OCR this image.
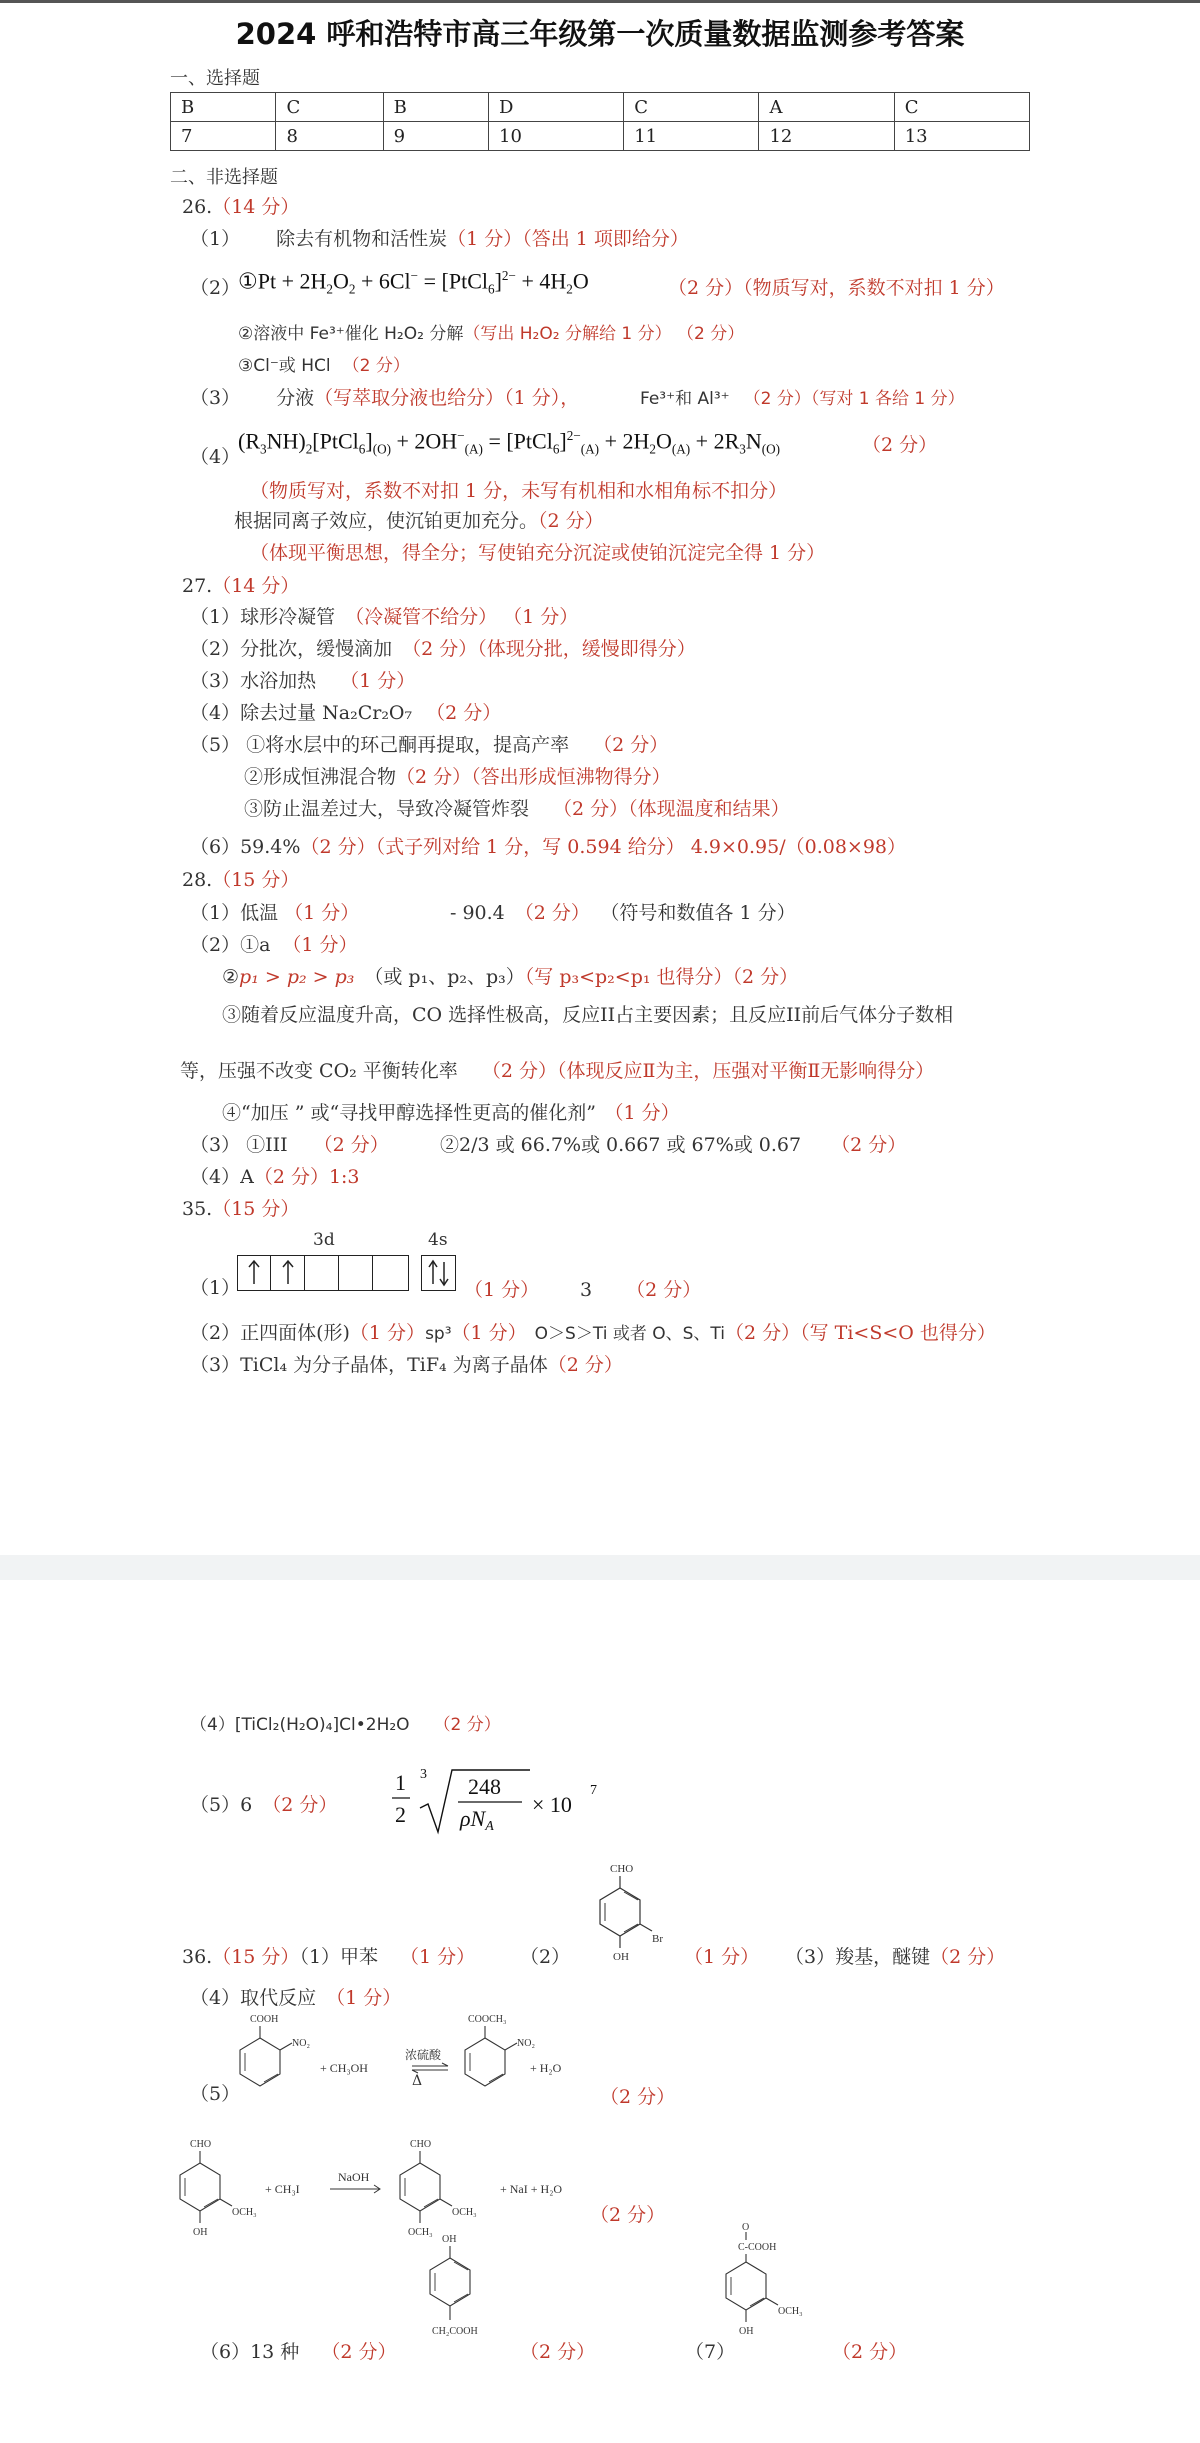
2024 呼和浩特市高三年级第一次质量数据监测参考答案
一、选择题
B	C	B	D	C	A	C
7	8	9	10	11	12	13
二、非选择题
26.（14 分）
（1） 除去有机物和活性炭（1 分）（答出 1 项即给分）
（2）
①Pt + $2H_2O_2 + 6Cl^-$ = [PtCl$_6$]$^{2-}$ + $4H_2O$	（2 分）（物质写对，系数不对扣 1 分）
②溶液中 Fe³⁺催化 H₂O₂ 分解（写出 H₂O₂ 分解给 1 分） （2 分）
③Cl⁻或 HCl （2 分）
（3） 分液（写萃取分液也给分）（1 分），	Fe³⁺和 Al³⁺ （2 分）（写对 1 各给 1 分）
（4）
$(R_3NH)_2[PtCl_6]_{(O)} + 2OH^-_{(A)}$ = [PtCl$_6$]$^{2-}_{(A)}$ + $2H_2O_{(A)} + 2R_3N_{(O)}$	（2 分）
（物质写对，系数不对扣 1 分，未写有机相和水相角标不扣分）
根据同离子效应，使沉铂更加充分。（2 分）
（体现平衡思想，得全分；写使铂充分沉淀或使铂沉淀完全得 1 分）
27.（14 分）
（1）球形冷凝管 （冷凝管不给分） （1 分）
（2）分批次，缓慢滴加 （2 分）（体现分批，缓慢即得分）
（3）水浴加热 （1 分）
（4）除去过量 Na₂Cr₂O₇ （2 分）
（5） ①将水层中的环己酮再提取，提高产率 （2 分）
②形成恒沸混合物（2 分）（答出形成恒沸物得分）
③防止温差过大，导致冷凝管炸裂 （2 分）（体现温度和结果）
（6）59.4%（2 分）（式子列对给 1 分，写 0.594 给分） 4.9×0.95/（0.08×98）
28.（15 分）
（1）低温 （1 分）	- 90.4 （2 分） （符号和数值各 1 分）
（2）①a （1 分）
②p₁ > p₂ > p₃ （或 p₁、p₂、p₃）（写 p₃<p₂<p₁ 也得分）（2 分）
③随着反应温度升高，CO 选择性极高，反应II占主要因素；且反应II前后气体分子数相
等，压强不改变 CO₂ 平衡转化率 （2 分）（体现反应Ⅱ为主，压强对平衡Ⅱ无影响得分）
④“加压 ” 或“寻找甲醇选择性更高的催化剂” （1 分）
（3） ①III （2 分）	②2/3 或 66.7%或 0.667 或 67%或 0.67 （2 分）
（4）A（2 分）1:3
35.（15 分）
3d	4s
（1）	（1 分） 3 （2 分）
（2）正四面体(形)（1 分）sp³（1 分） O＞S＞Ti 或者 O、S、Ti（2 分）（写 Ti<S<O 也得分）
（3）TiCl₄ 为分子晶体，TiF₄ 为离子晶体（2 分）
（4）[TiCl₂(H₂O)₄]Cl•2H₂O （2 分）
（5）6 （2 分）
1
2
3 248
ρNA
× 10
7
36.（15 分）（1）甲苯 （1 分） （2）
CHO
OH
Br
（1 分） （3）羧基，醚键（2 分）
（4）取代反应 （1 分）
（5）
COOH
NO₂
+ CH₃OH
COOCH₃
NO₂
+ H₂O
浓硫酸
Δ
（2 分）
CHO
OH
OCH₃
+ CH₃I
CHO
OCH₃
OCH₃
+ NaI + H₂O
NaOH
（2 分）
OH
CH₂COOH
O
C-COOH
OH
OCH₃
（6）13 种 （2 分）	（2 分）	（7）	（2 分）
